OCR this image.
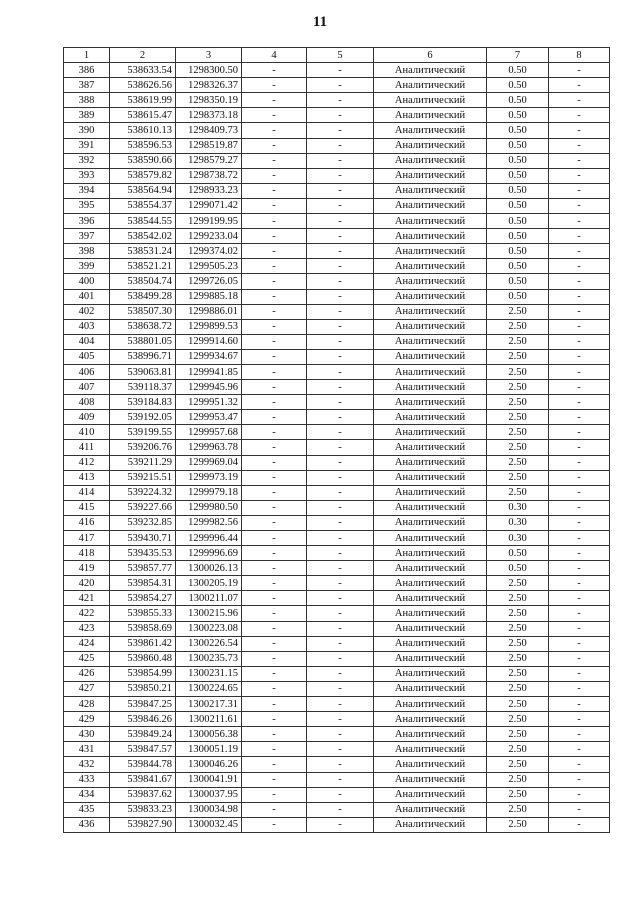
11
1	2	3	4	5	6	7	8
386	538633.54	1298300.50	-	-	Аналитический	0.50	-
387	538626.56	1298326.37	-	-	Аналитический	0.50	-
388	538619.99	1298350.19	-	-	Аналитический	0.50	-
389	538615.47	1298373.18	-	-	Аналитический	0.50	-
390	538610.13	1298409.73	-	-	Аналитический	0.50	-
391	538596.53	1298519.87	-	-	Аналитический	0.50	-
392	538590.66	1298579.27	-	-	Аналитический	0.50	-
393	538579.82	1298738.72	-	-	Аналитический	0.50	-
394	538564.94	1298933.23	-	-	Аналитический	0.50	-
395	538554.37	1299071.42	-	-	Аналитический	0.50	-
396	538544.55	1299199.95	-	-	Аналитический	0.50	-
397	538542.02	1299233.04	-	-	Аналитический	0.50	-
398	538531.24	1299374.02	-	-	Аналитический	0.50	-
399	538521.21	1299505.23	-	-	Аналитический	0.50	-
400	538504.74	1299726.05	-	-	Аналитический	0.50	-
401	538499.28	1299885.18	-	-	Аналитический	0.50	-
402	538507.30	1299886.01	-	-	Аналитический	2.50	-
403	538638.72	1299899.53	-	-	Аналитический	2.50	-
404	538801.05	1299914.60	-	-	Аналитический	2.50	-
405	538996.71	1299934.67	-	-	Аналитический	2.50	-
406	539063.81	1299941.85	-	-	Аналитический	2.50	-
407	539118.37	1299945.96	-	-	Аналитический	2.50	-
408	539184.83	1299951.32	-	-	Аналитический	2.50	-
409	539192.05	1299953.47	-	-	Аналитический	2.50	-
410	539199.55	1299957.68	-	-	Аналитический	2.50	-
411	539206.76	1299963.78	-	-	Аналитический	2.50	-
412	539211.29	1299969.04	-	-	Аналитический	2.50	-
413	539215.51	1299973.19	-	-	Аналитический	2.50	-
414	539224.32	1299979.18	-	-	Аналитический	2.50	-
415	539227.66	1299980.50	-	-	Аналитический	0.30	-
416	539232.85	1299982.56	-	-	Аналитический	0.30	-
417	539430.71	1299996.44	-	-	Аналитический	0.30	-
418	539435.53	1299996.69	-	-	Аналитический	0.50	-
419	539857.77	1300026.13	-	-	Аналитический	0.50	-
420	539854.31	1300205.19	-	-	Аналитический	2.50	-
421	539854.27	1300211.07	-	-	Аналитический	2.50	-
422	539855.33	1300215.96	-	-	Аналитический	2.50	-
423	539858.69	1300223.08	-	-	Аналитический	2.50	-
424	539861.42	1300226.54	-	-	Аналитический	2.50	-
425	539860.48	1300235.73	-	-	Аналитический	2.50	-
426	539854.99	1300231.15	-	-	Аналитический	2.50	-
427	539850.21	1300224.65	-	-	Аналитический	2.50	-
428	539847.25	1300217.31	-	-	Аналитический	2.50	-
429	539846.26	1300211.61	-	-	Аналитический	2.50	-
430	539849.24	1300056.38	-	-	Аналитический	2.50	-
431	539847.57	1300051.19	-	-	Аналитический	2.50	-
432	539844.78	1300046.26	-	-	Аналитический	2.50	-
433	539841.67	1300041.91	-	-	Аналитический	2.50	-
434	539837.62	1300037.95	-	-	Аналитический	2.50	-
435	539833.23	1300034.98	-	-	Аналитический	2.50	-
436	539827.90	1300032.45	-	-	Аналитический	2.50	-
